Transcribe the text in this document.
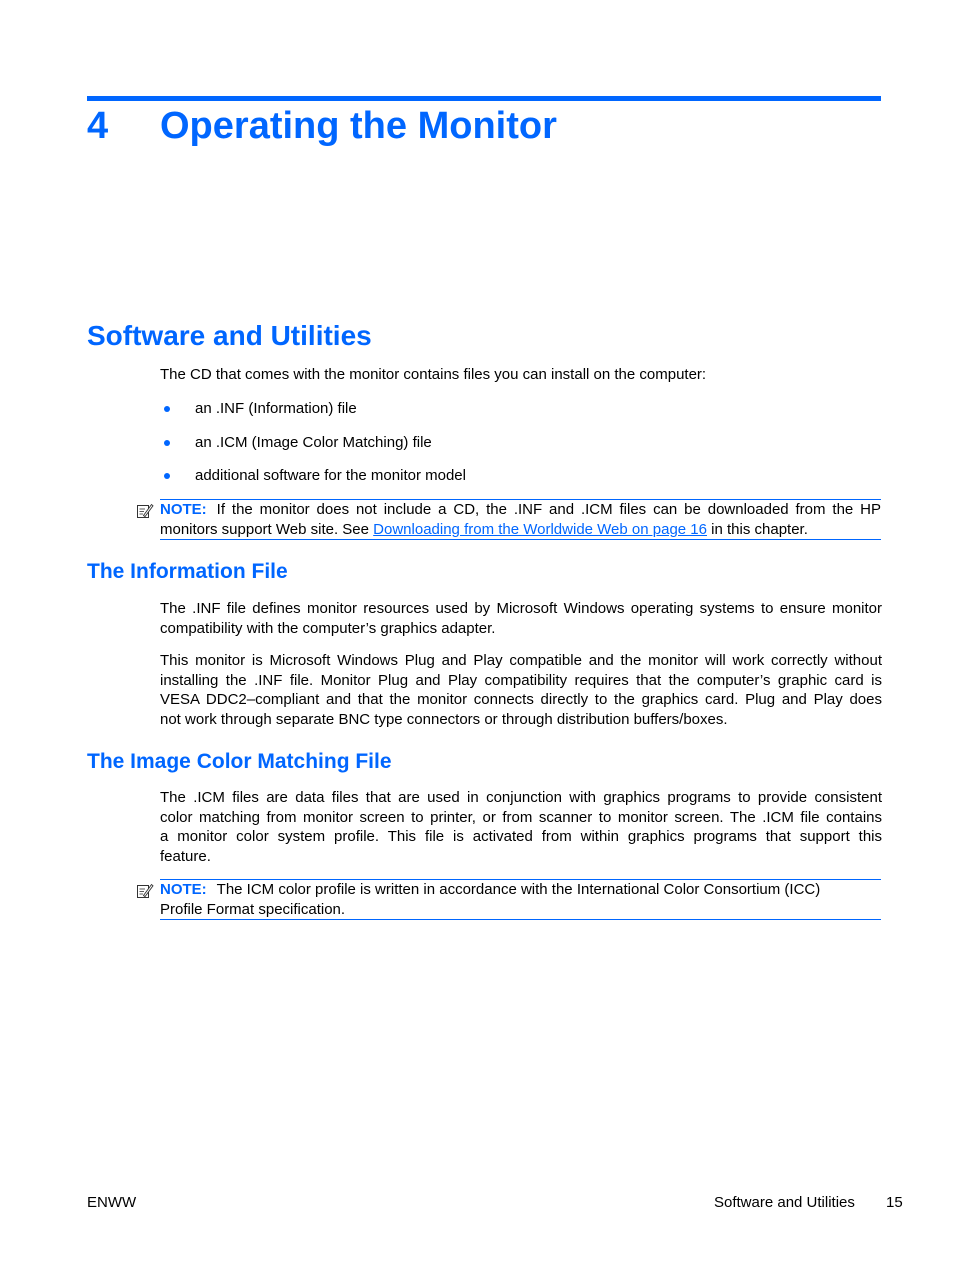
4 Operating the Monitor
Software and Utilities
The CD that comes with the monitor contains files you can install on the computer:
an .INF (Information) file
an .ICM (Image Color Matching) file
additional software for the monitor model
NOTE: If the monitor does not include a CD, the .INF and .ICM files can be downloaded from the HP
monitors support Web site. See Downloading from the Worldwide Web on page 16 in this chapter.
The Information File
The .INF file defines monitor resources used by Microsoft Windows operating systems to ensure monitor
compatibility with the computer’s graphics adapter.
This monitor is Microsoft Windows Plug and Play compatible and the monitor will work correctly without
installing the .INF file. Monitor Plug and Play compatibility requires that the computer’s graphic card is
VESA DDC2–compliant and that the monitor connects directly to the graphics card. Plug and Play does
not work through separate BNC type connectors or through distribution buffers/boxes.
The Image Color Matching File
The .ICM files are data files that are used in conjunction with graphics programs to provide consistent
color matching from monitor screen to printer, or from scanner to monitor screen. The .ICM file contains
a monitor color system profile. This file is activated from within graphics programs that support this
feature.
NOTE: The ICM color profile is written in accordance with the International Color Consortium (ICC)
Profile Format specification.
ENWW	Software and Utilities 15
